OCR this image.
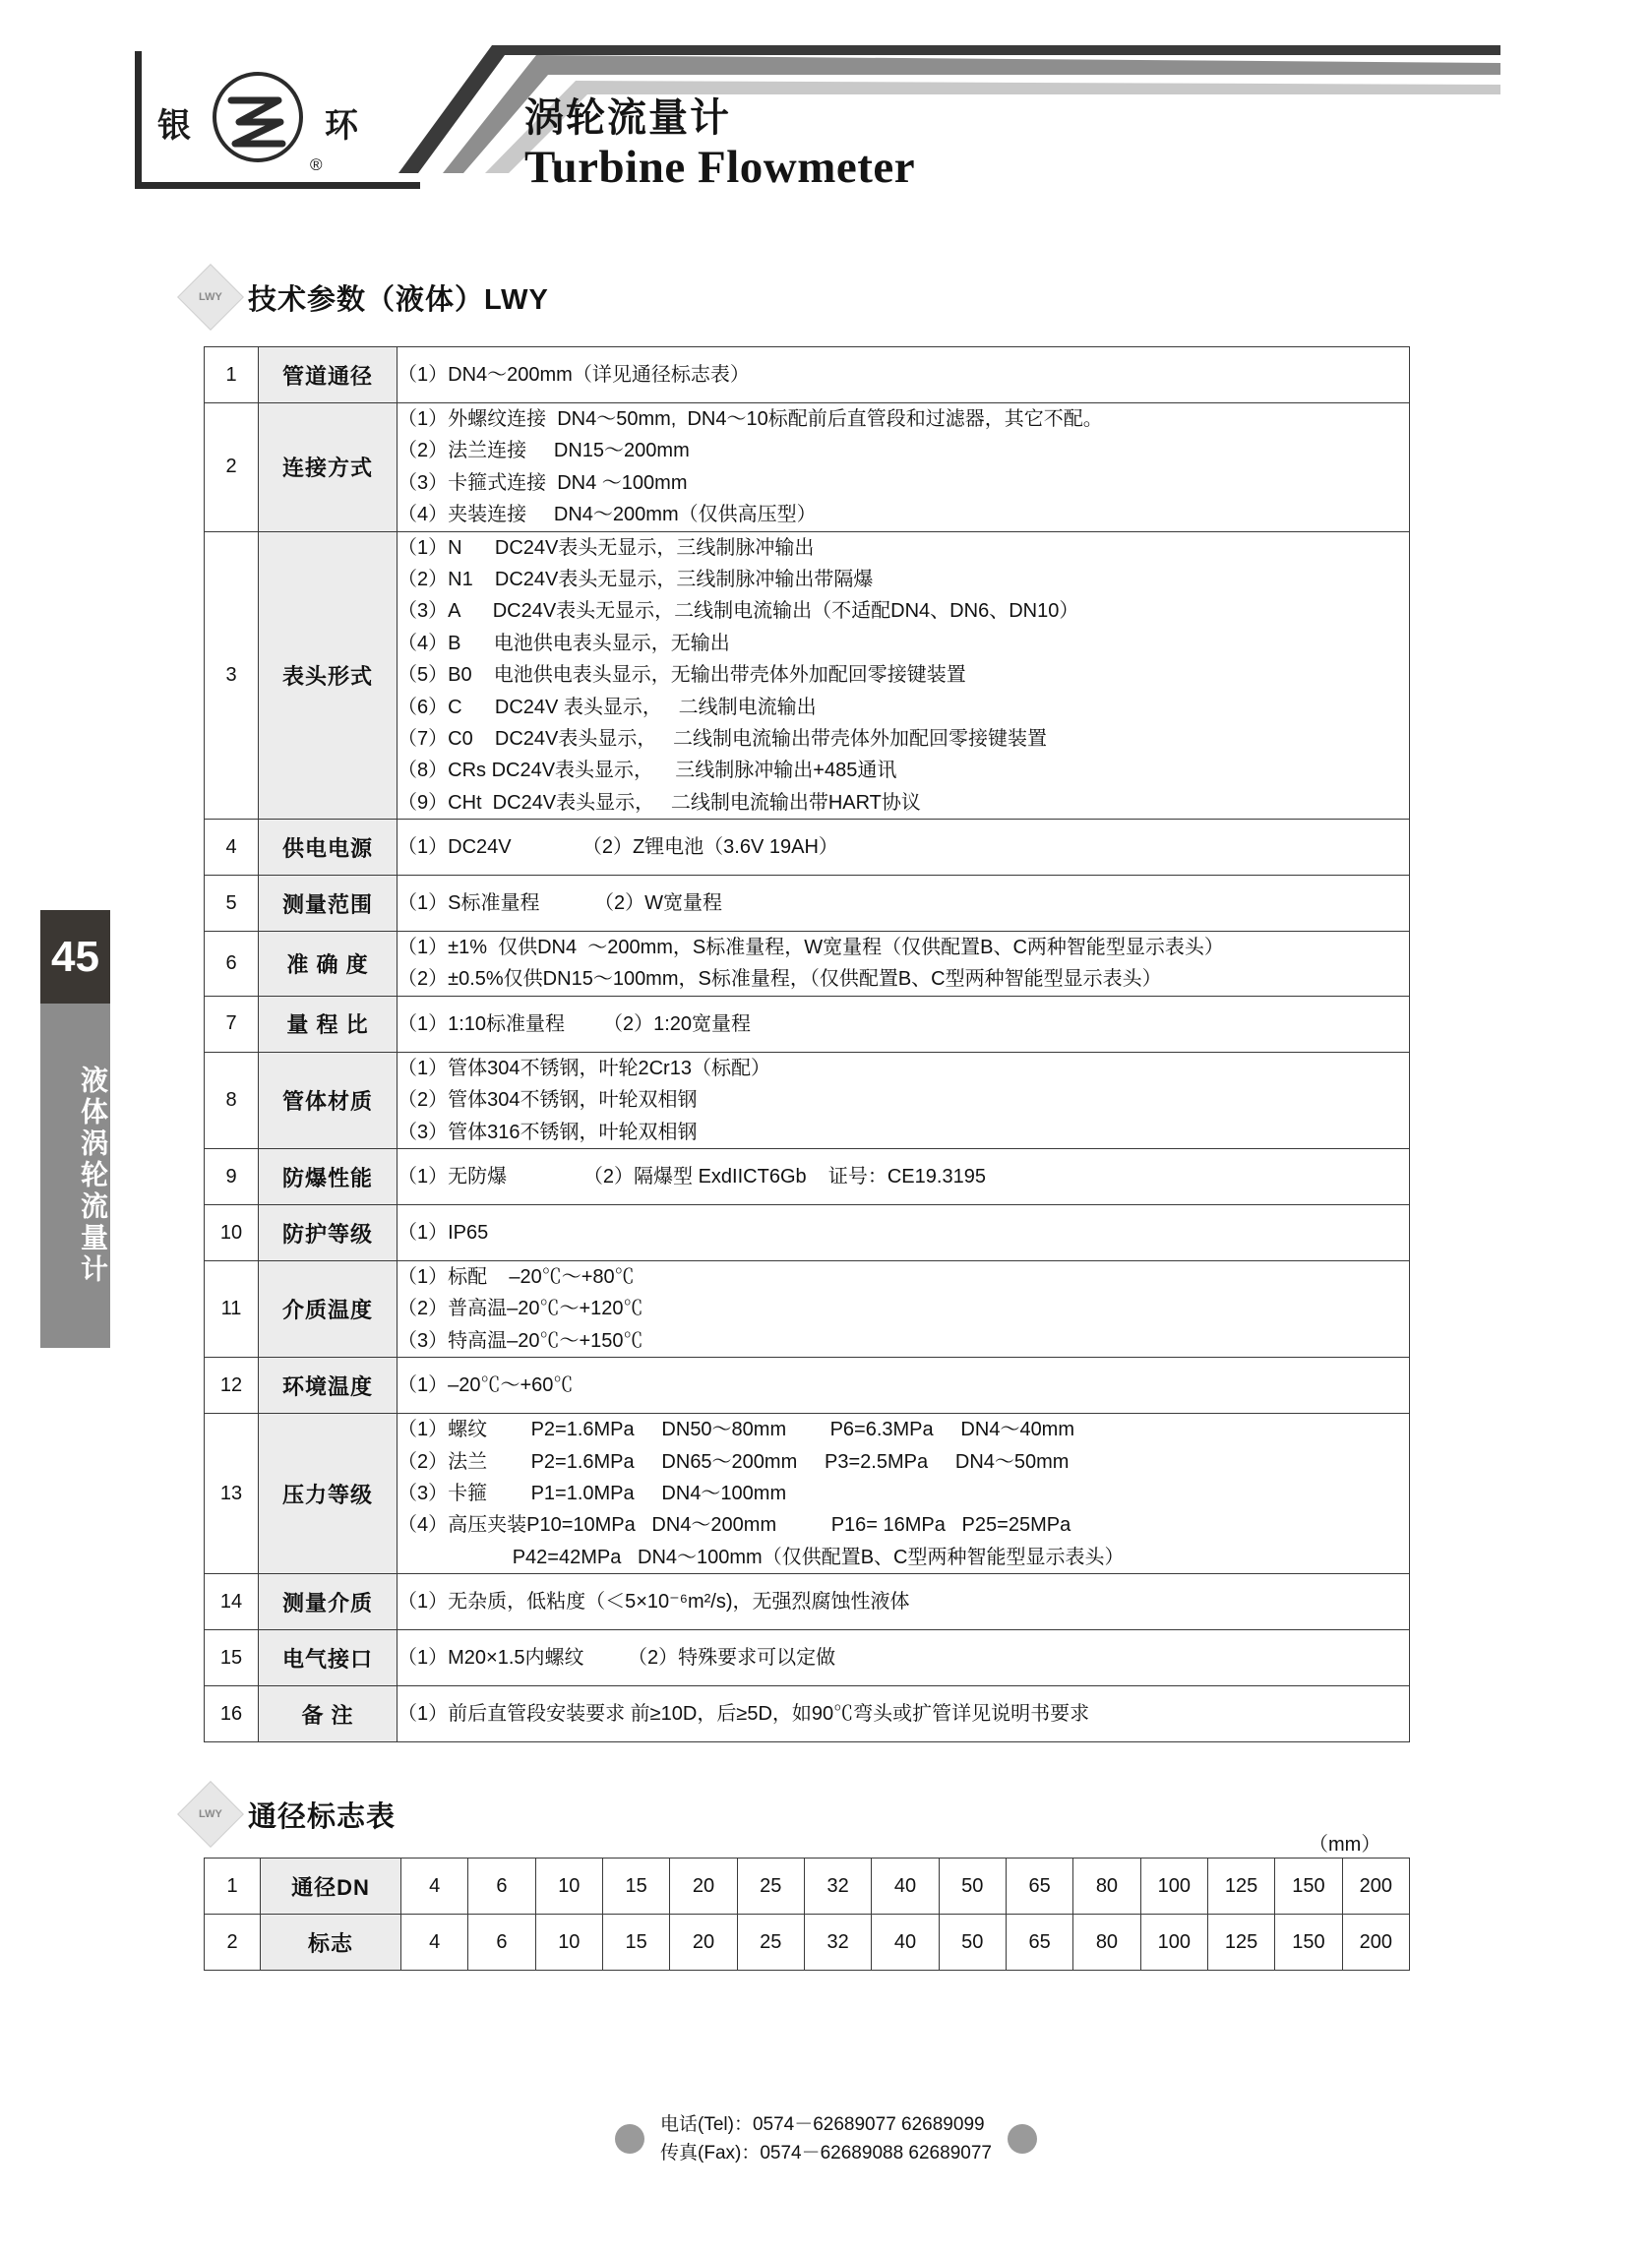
银	环
®
涡轮流量计
Turbine Flowmeter
45
液体涡轮流量计
LWY 技术参数（液体）LWY
1	管道通径	（1）DN4～200mm（详见通径标志表）

2	连接方式	（1）外螺纹连接  DN4～50mm,  DN4～10标配前后直管段和过滤器，其它不配。
（2）法兰连接     DN15～200mm
（3）卡箍式连接  DN4 ～100mm
（4）夹装连接     DN4～200mm（仅供高压型）

3	表头形式	
（1）N      DC24V表头无显示，三线制脉冲输出
（2）N1    DC24V表头无显示，三线制脉冲输出带隔爆
（3）A      DC24V表头无显示，二线制电流输出（不适配DN4、DN6、DN10）
（4）B      电池供电表头显示，无输出
（5）B0    电池供电表头显示，无输出带壳体外加配回零接键装置
（6）C      DC24V 表头显示，   二线制电流输出
（7）C0    DC24V表头显示，   二线制电流输出带壳体外加配回零接键装置
（8）CRs DC24V表头显示，    三线制脉冲输出+485通讯
（9）CHt  DC24V表头显示，   二线制电流输出带HART协议

4	供电电源	（1）DC24V             （2）Z锂电池（3.6V 19AH）

5	测量范围	（1）S标准量程          （2）W宽量程

6	准 确 度	（1）±1%  仅供DN4  ～200mm，S标准量程，W宽量程（仅供配置B、C两种智能型显示表头）
（2）±0.5%仅供DN15～100mm，S标准量程，（仅供配置B、C型两种智能型显示表头）

7	量 程 比	（1）1:10标准量程       （2）1:20宽量程

8	管体材质	（1）管体304不锈钢，叶轮2Cr13（标配）
（2）管体304不锈钢，叶轮双相钢
（3）管体316不锈钢，叶轮双相钢

9	防爆性能	（1）无防爆              （2）隔爆型 ExdIICT6Gb    证号：CE19.3195

10	防护等级	（1）IP65

11	介质温度	（1）标配    –20℃～+80℃
（2）普高温–20℃～+120℃
（3）特高温–20℃～+150℃

12	环境温度	（1）–20℃～+60℃

13	压力等级	（1）螺纹        P2=1.6MPa     DN50～80mm        P6=6.3MPa     DN4～40mm
（2）法兰        P2=1.6MPa     DN65～200mm     P3=2.5MPa     DN4～50mm
（3）卡箍        P1=1.0MPa     DN4～100mm
（4）高压夹装P10=10MPa   DN4～200mm          P16= 16MPa   P25=25MPa
P42=42MPa   DN4～100mm（仅供配置B、C型两种智能型显示表头）

14	测量介质	（1）无杂质，低粘度（＜5×10⁻⁶m²/s)，无强烈腐蚀性液体

15	电气接口	（1）M20×1.5内螺纹        （2）特殊要求可以定做

16	备 注	（1）前后直管段安装要求 前≥10D，后≥5D，如90℃弯头或扩管详见说明书要求
LWY 通径标志表
（mm）
1	通径DN	4	6	10	15	20	25	32	40	50	65	80	100	125	150	200
2	标志	4	6	10	15	20	25	32	40	50	65	80	100	125	150	200
电话(Tel)：0574－62689077 62689099
传真(Fax)：0574－62689088 62689077
